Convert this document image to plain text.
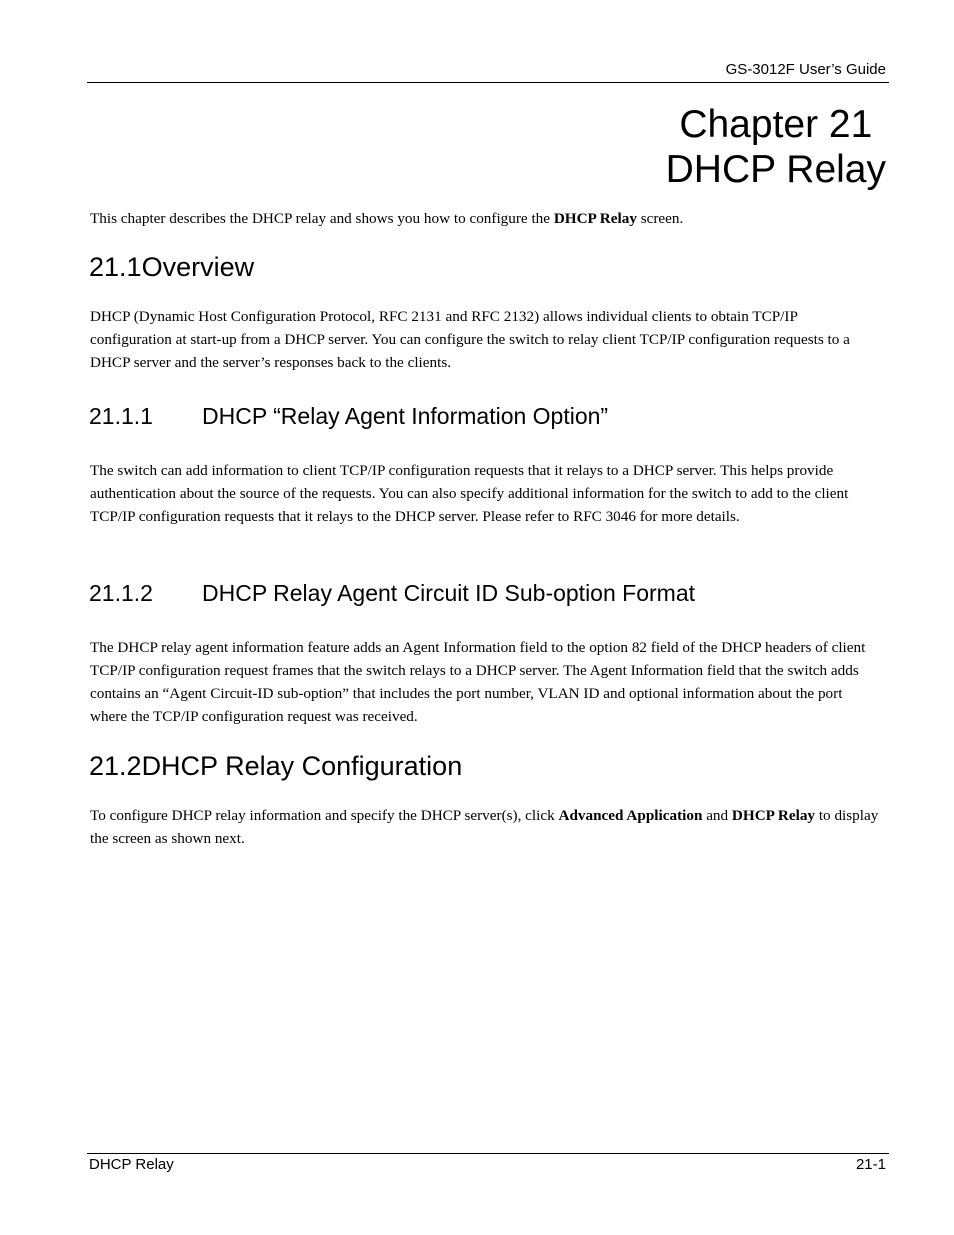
GS-3012F User’s Guide
Chapter 21
DHCP Relay
This chapter describes the DHCP relay and shows you how to configure the DHCP Relay screen.
21.1Overview
DHCP (Dynamic Host Configuration Protocol, RFC 2131 and RFC 2132) allows individual clients to obtain TCP/IP configuration at start-up from a DHCP server. You can configure the switch to relay client TCP/IP configuration requests to a DHCP server and the server’s responses back to the clients.
21.1.1 DHCP “Relay Agent Information Option”
The switch can add information to client TCP/IP configuration requests that it relays to a DHCP server. This helps provide authentication about the source of the requests. You can also specify additional information for the switch to add to the client TCP/IP configuration requests that it relays to the DHCP server. Please refer to RFC 3046 for more details.
21.1.2 DHCP Relay Agent Circuit ID Sub-option Format
The DHCP relay agent information feature adds an Agent Information field to the option 82 field of the DHCP headers of client TCP/IP configuration request frames that the switch relays to a DHCP server. The Agent Information field that the switch adds contains an “Agent Circuit-ID sub-option” that includes the port number, VLAN ID and optional information about the port where the TCP/IP configuration request was received.
21.2DHCP Relay Configuration
To configure DHCP relay information and specify the DHCP server(s), click Advanced Application and DHCP Relay to display the screen as shown next.
DHCP Relay	21-1
